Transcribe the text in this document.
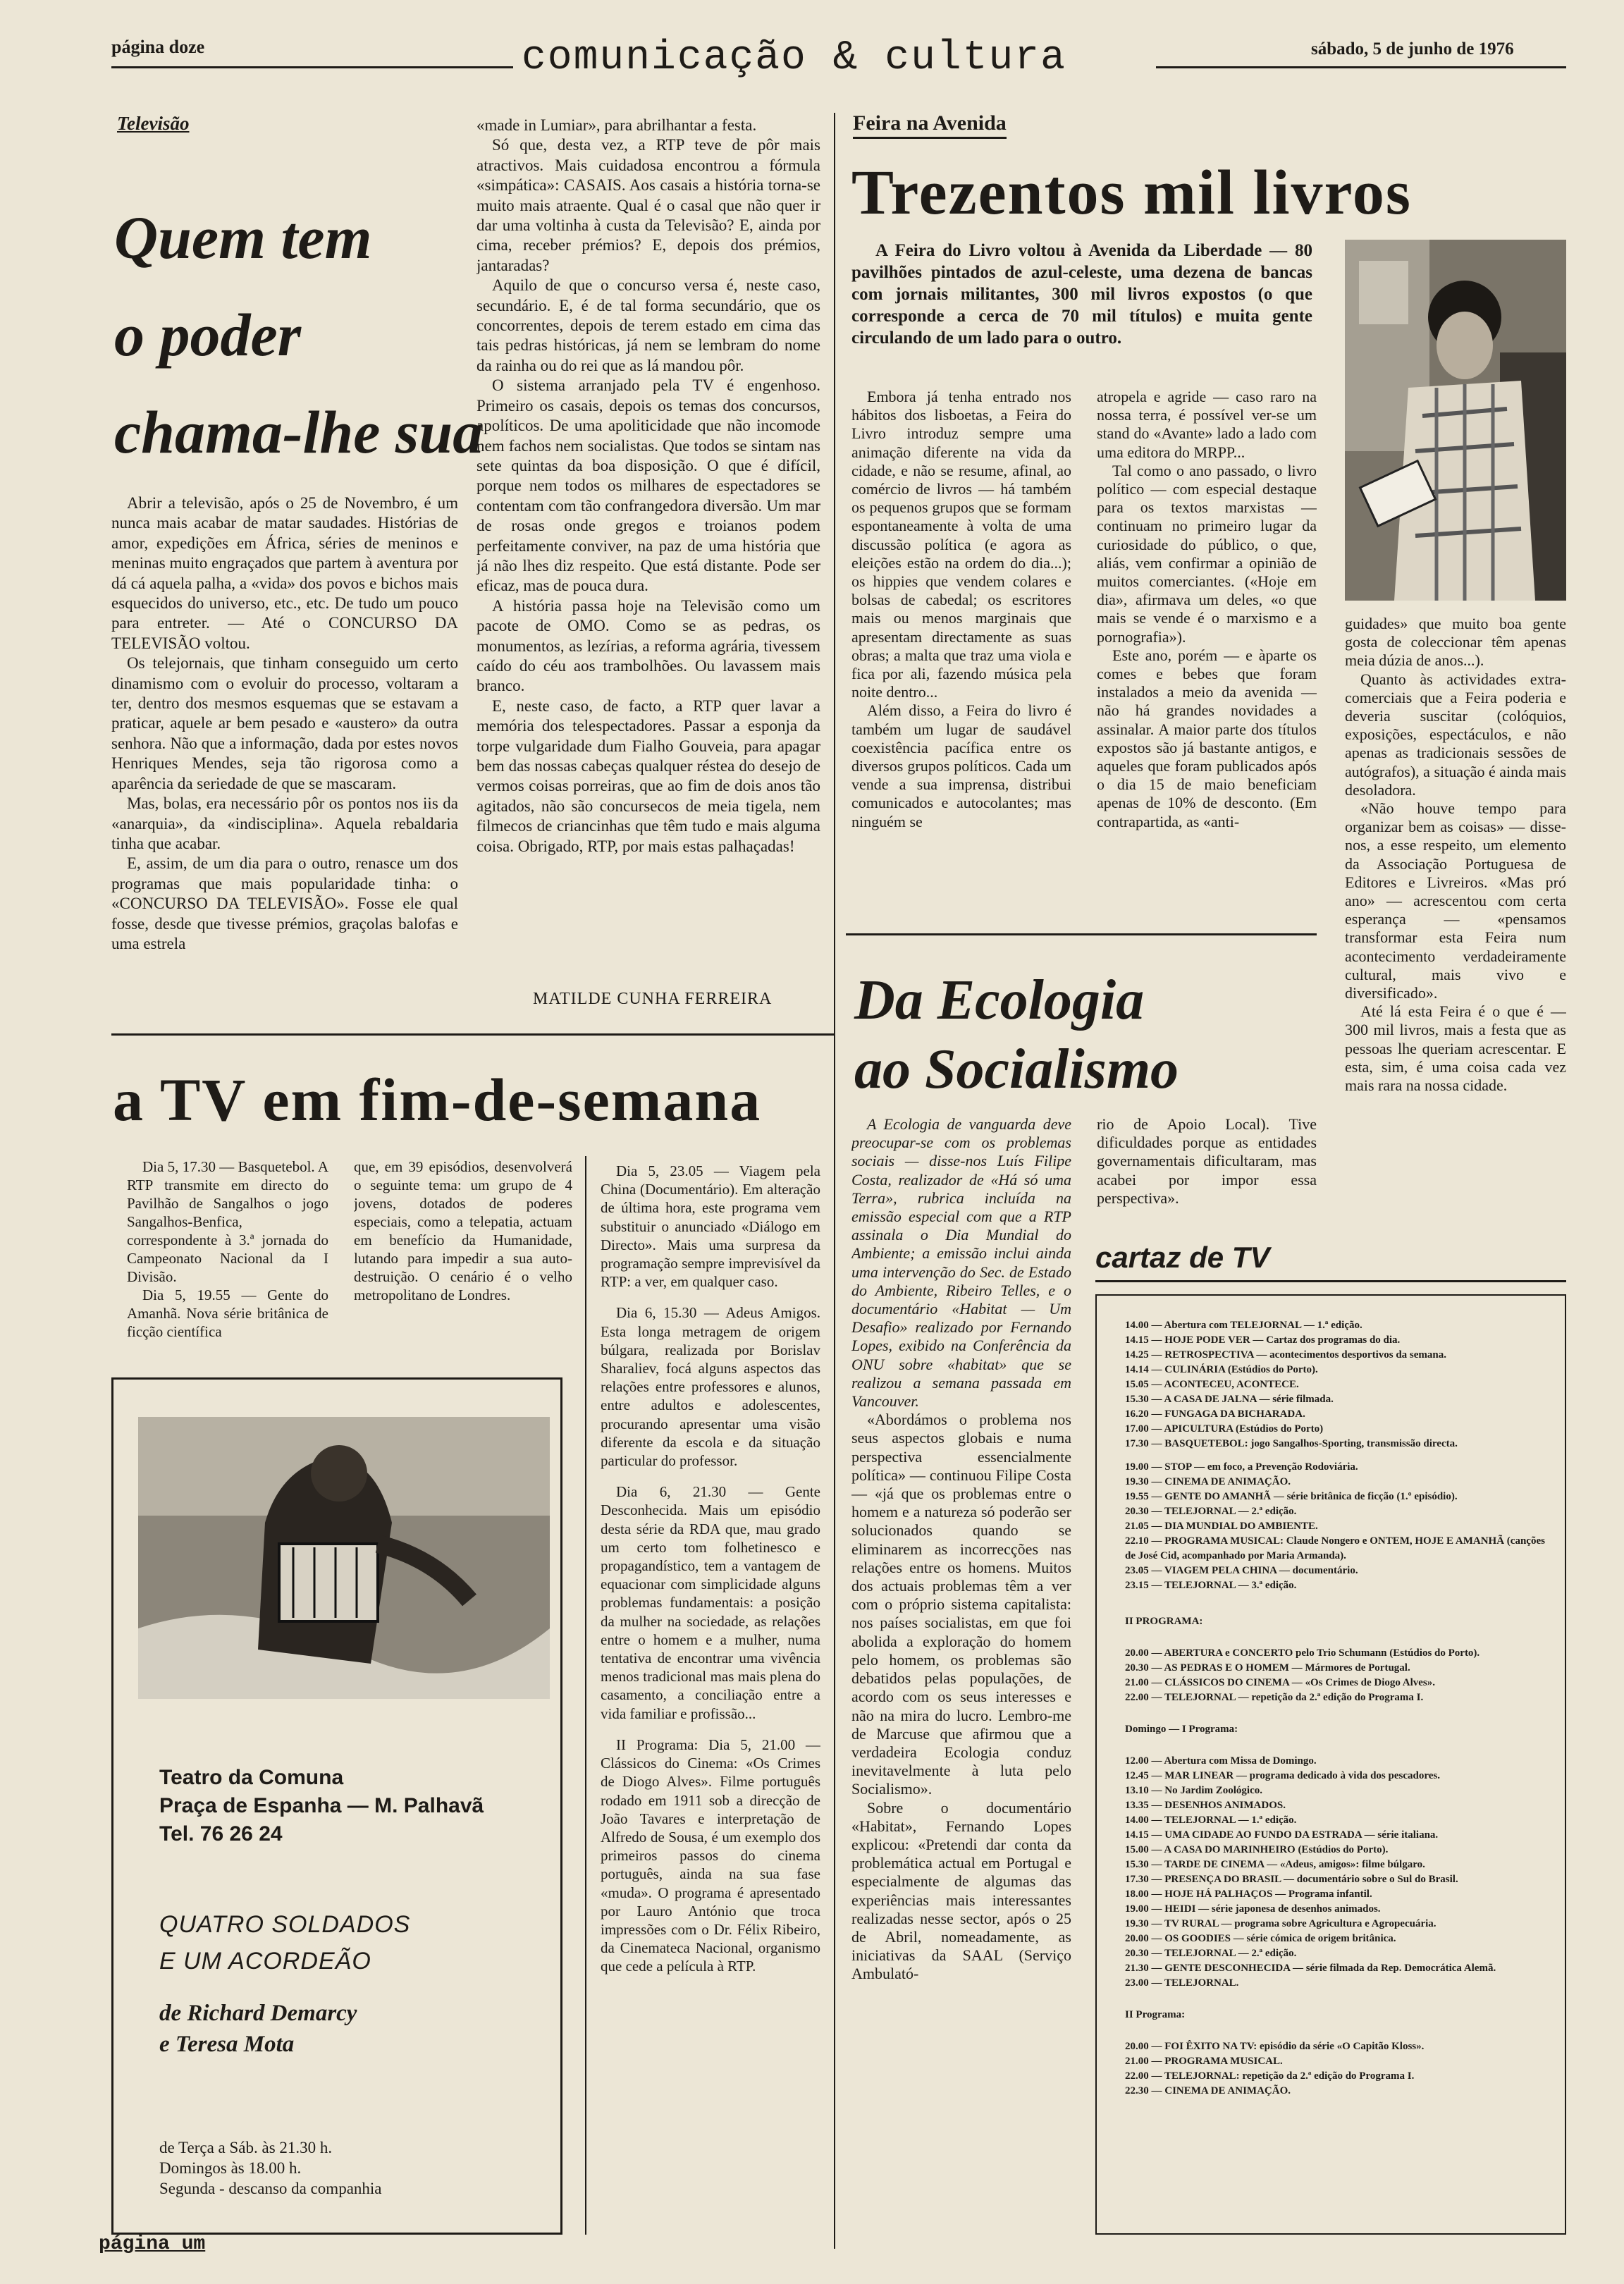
página doze	comunicação & cultura	sábado, 5 de junho de 1976
Televisão
Quem tem
o poder
chama-lhe sua

Abrir a televisão, após o 25 de Novembro, é um nunca mais acabar de matar saudades. Histórias de amor, expedições em África, séries de meninos e meninas muito engraçados que partem à aventura por dá cá aquela palha, a «vida» dos povos e bichos mais esquecidos do universo, etc., etc. De tudo um pouco para entreter. — Até o CONCURSO DA TELEVISÃO voltou.

Os telejornais, que tinham conseguido um certo dinamismo com o evoluir do processo, voltaram a ter, dentro dos mesmos esquemas que se estavam a praticar, aquele ar bem pesado e «austero» da outra senhora. Não que a informação, dada por estes novos Henriques Mendes, seja tão rigorosa como a aparência da seriedade de que se mascaram.

Mas, bolas, era necessário pôr os pontos nos iis da «anarquia», da «indisciplina». Aquela rebaldaria tinha que acabar.

E, assim, de um dia para o outro, renasce um dos programas que mais popularidade tinha: o «CONCURSO DA TELEVISÃO». Fosse ele qual fosse, desde que tivesse prémios, graçolas balofas e uma estrela

«made in Lumiar», para abrilhantar a festa.

Só que, desta vez, a RTP teve de pôr mais atractivos. Mais cuidadosa encontrou a fórmula «simpática»: CASAIS. Aos casais a história torna-se muito mais atraente. Qual é o casal que não quer ir dar uma voltinha à custa da Televisão? E, ainda por cima, receber prémios? E, depois dos prémios, jantaradas?

Aquilo de que o concurso versa é, neste caso, secundário. E, é de tal forma secundário, que os concorrentes, depois de terem estado em cima das tais pedras históricas, já nem se lembram do nome da rainha ou do rei que as lá mandou pôr.

O sistema arranjado pela TV é engenhoso. Primeiro os casais, depois os temas dos concursos, apolíticos. De uma apoliticidade que não incomode nem fachos nem socialistas. Que todos se sintam nas sete quintas da boa disposição. O que é difícil, porque nem todos os milhares de espectadores se contentam com tão confrangedora diversão. Um mar de rosas onde gregos e troianos podem perfeitamente conviver, na paz de uma história que já não lhes diz respeito. Que está distante. Pode ser eficaz, mas de pouca dura.

A história passa hoje na Televisão como um pacote de OMO. Como se as pedras, os monumentos, as lezírias, a reforma agrária, tivessem caído do céu aos trambolhões. Ou lavassem mais branco.

E, neste caso, de facto, a RTP quer lavar a memória dos telespectadores. Passar a esponja da torpe vulgaridade dum Fialho Gouveia, para apagar bem das nossas cabeças qualquer réstea do desejo de vermos coisas porreiras, que ao fim de dois anos tão agitados, não são concursecos de meia tigela, nem filmecos de criancinhas que têm tudo e mais alguma coisa. Obrigado, RTP, por mais estas palhaçadas!

MATILDE CUNHA FERREIRA
a TV em fim-de-semana

Dia 5, 17.30 — Basquetebol. A RTP transmite em directo do Pavilhão de Sangalhos o jogo Sangalhos-Benfica, correspondente à 3.ª jornada do Campeonato Nacional da I Divisão.

Dia 5, 19.55 — Gente do Amanhã. Nova série britânica de ficção científica

que, em 39 episódios, desenvolverá o seguinte tema: um grupo de 4 jovens, dotados de poderes especiais, como a telepatia, actuam em benefício da Humanidade, lutando para impedir a sua auto-destruição. O cenário é o velho metropolitano de Londres.

Dia 5, 23.05 — Viagem pela China (Documentário). Em alteração de última hora, este programa vem substituir o anunciado «Diálogo em Directo». Mais uma surpresa da programação sempre imprevisível da RTP: a ver, em qualquer caso.

Dia 6, 15.30 — Adeus Amigos. Esta longa metragem de origem búlgara, realizada por Borislav Sharaliev, focá alguns aspectos das relações entre professores e alunos, entre adultos e adolescentes, procurando apresentar uma visão diferente da escola e da situação particular do professor.

Dia 6, 21.30 — Gente Desconhecida. Mais um episódio desta série da RDA que, mau grado um certo tom folhetinesco e propagandístico, tem a vantagem de equacionar com simplicidade alguns problemas fundamentais: a posição da mulher na sociedade, as relações entre o homem e a mulher, numa tentativa de encontrar uma vivência menos tradicional mas mais plena do casamento, a conciliação entre a vida familiar e profissão...

II Programa: Dia 5, 21.00 — Clássicos do Cinema: «Os Crimes de Diogo Alves». Filme português rodado em 1911 sob a direcção de João Tavares e interpretação de Alfredo de Sousa, é um exemplo dos primeiros passos do cinema português, ainda na sua fase «muda». O programa é apresentado por Lauro António que troca impressões com o Dr. Félix Ribeiro, da Cinemateca Nacional, organismo que cede a película à RTP.

Teatro da Comuna
Praça de Espanha — M. Palhavã
Tel. 76 26 24
QUATRO SOLDADOS
E UM ACORDEÃO
de Richard Demarcy
e Teresa Mota
de Terça a Sáb. às 21.30 h.
Domingos às 18.00 h.
Segunda - descanso da companhia
Feira na Avenida
Trezentos mil livros
A Feira do Livro voltou à Avenida da Liberdade — 80 pavilhões pintados de azul-celeste, uma dezena de bancas com jornais militantes, 300 mil livros expostos (o que corresponde a cerca de 70 mil títulos) e muita gente circulando de um lado para o outro.

Embora já tenha entrado nos hábitos dos lisboetas, a Feira do Livro introduz sempre uma animação diferente na vida da cidade, e não se resume, afinal, ao comércio de livros — há também os pequenos grupos que se formam espontaneamente à volta de uma discussão política (e agora as eleições estão na ordem do dia...); os hippies que vendem colares e bolsas de cabedal; os escritores mais ou menos marginais que apresentam directamente as suas obras; a malta que traz uma viola e fica por ali, fazendo música pela noite dentro...

Além disso, a Feira do livro é também um lugar de saudável coexistência pacífica entre os diversos grupos políticos. Cada um vende a sua imprensa, distribui comunicados e autocolantes; mas ninguém se

atropela e agride — caso raro na nossa terra, é possível ver-se um stand do «Avante» lado a lado com uma editora do MRPP...

Tal como o ano passado, o livro político — com especial destaque para os textos marxistas — continuam no primeiro lugar da curiosidade do público, o que, aliás, vem confirmar a opinião de muitos comerciantes. («Hoje em dia», afirmava um deles, «o que mais se vende é o marxismo e a pornografia»).

Este ano, porém — e àparte os comes e bebes que foram instalados a meio da avenida — não há grandes novidades a assinalar. A maior parte dos títulos expostos são já bastante antigos, e aqueles que foram publicados após o dia 15 de maio beneficiam apenas de 10% de desconto. (Em contrapartida, as «anti-

guidades» que muito boa gente gosta de coleccionar têm apenas meia dúzia de anos...).

Quanto às actividades extra-comerciais que a Feira poderia e deveria suscitar (colóquios, exposições, espectáculos, e não apenas as tradicionais sessões de autógrafos), a situação é ainda mais desoladora.

«Não houve tempo para organizar bem as coisas» — disse-nos, a esse respeito, um elemento da Associação Portuguesa de Editores e Livreiros. «Mas pró ano» — acrescentou com certa esperança — «pensamos transformar esta Feira num acontecimento verdadeiramente cultural, mais vivo e diversificado».

Até lá esta Feira é o que é — 300 mil livros, mais a festa que as pessoas lhe queriam acrescentar. E esta, sim, é uma coisa cada vez mais rara na nossa cidade.

Da Ecologia
ao Socialismo

A Ecologia de vanguarda deve preocupar-se com os problemas sociais — disse-nos Luís Filipe Costa, realizador de «Há só uma Terra», rubrica incluída na emissão especial com que a RTP assinala o Dia Mundial do Ambiente; a emissão inclui ainda uma intervenção do Sec. de Estado do Ambiente, Ribeiro Telles, e o documentário «Habitat — Um Desafio» realizado por Fernando Lopes, exibido na Conferência da ONU sobre «habitat» que se realizou a semana passada em Vancouver.

«Abordámos o problema nos seus aspectos globais e numa perspectiva essencialmente política» — continuou Filipe Costa — «já que os problemas entre o homem e a natureza só poderão ser solucionados quando se eliminarem as incorrecções nas relações entre os homens. Muitos dos actuais problemas têm a ver com o próprio sistema capitalista: nos países socialistas, em que foi abolida a exploração do homem pelo homem, os problemas são debatidos pelas populações, de acordo com os seus interesses e não na mira do lucro. Lembro-me de Marcuse que afirmou que a verdadeira Ecologia conduz inevitavelmente à luta pelo Socialismo».

Sobre o documentário «Habitat», Fernando Lopes explicou: «Pretendi dar conta da problemática actual em Portugal e especialmente de algumas das experiências mais interessantes realizadas nesse sector, após o 25 de Abril, nomeadamente, as iniciativas da SAAL (Serviço Ambulató-

rio de Apoio Local). Tive dificuldades porque as entidades governamentais dificultaram, mas acabei por impor essa perspectiva».

cartaz de TV
14.00 — Abertura com TELEJORNAL — 1.ª edição.
14.15 — HOJE PODE VER — Cartaz dos programas do dia.
14.25 — RETROSPECTIVA — acontecimentos desportivos da semana.
14.14 — CULINÁRIA (Estúdios do Porto).
15.05 — ACONTECEU, ACONTECE.
15.30 — A CASA DE JALNA — série filmada.
16.20 — FUNGAGA DA BICHARADA.
17.00 — APICULTURA (Estúdios do Porto)
17.30 — BASQUETEBOL: jogo Sangalhos-Sporting, transmissão directa.
19.00 — STOP — em foco, a Prevenção Rodoviária.
19.30 — CINEMA DE ANIMAÇÃO.
19.55 — GENTE DO AMANHÃ — série britânica de ficção (1.º episódio).
20.30 — TELEJORNAL — 2.ª edição.
21.05 — DIA MUNDIAL DO AMBIENTE.
22.10 — PROGRAMA MUSICAL: Claude Nongero e ONTEM, HOJE E AMANHÃ (canções de José Cid, acompanhado por Maria Armanda).
23.05 — VIAGEM PELA CHINA — documentário.
23.15 — TELEJORNAL — 3.ª edição.
II PROGRAMA:
20.00 — ABERTURA e CONCERTO pelo Trio Schumann (Estúdios do Porto).
20.30 — AS PEDRAS E O HOMEM — Mármores de Portugal.
21.00 — CLÁSSICOS DO CINEMA — «Os Crimes de Diogo Alves».
22.00 — TELEJORNAL — repetição da 2.ª edição do Programa I.
Domingo — I Programa:
12.00 — Abertura com Missa de Domingo.
12.45 — MAR LINEAR — programa dedicado à vida dos pescadores.
13.10 — No Jardim Zoológico.
13.35 — DESENHOS ANIMADOS.
14.00 — TELEJORNAL — 1.ª edição.
14.15 — UMA CIDADE AO FUNDO DA ESTRADA — série italiana.
15.00 — A CASA DO MARINHEIRO (Estúdios do Porto).
15.30 — TARDE DE CINEMA — «Adeus, amigos»: filme búlgaro.
17.30 — PRESENÇA DO BRASIL — documentário sobre o Sul do Brasil.
18.00 — HOJE HÁ PALHAÇOS — Programa infantil.
19.00 — HEIDI — série japonesa de desenhos animados.
19.30 — TV RURAL — programa sobre Agricultura e Agropecuária.
20.00 — OS GOODIES — série cómica de origem britânica.
20.30 — TELEJORNAL — 2.ª edição.
21.30 — GENTE DESCONHECIDA — série filmada da Rep. Democrática Alemã.
23.00 — TELEJORNAL.
II Programa:
20.00 — FOI ÊXITO NA TV: episódio da série «O Capitão Kloss».
21.00 — PROGRAMA MUSICAL.
22.00 — TELEJORNAL: repetição da 2.ª edição do Programa I.
22.30 — CINEMA DE ANIMAÇÃO.
página um
